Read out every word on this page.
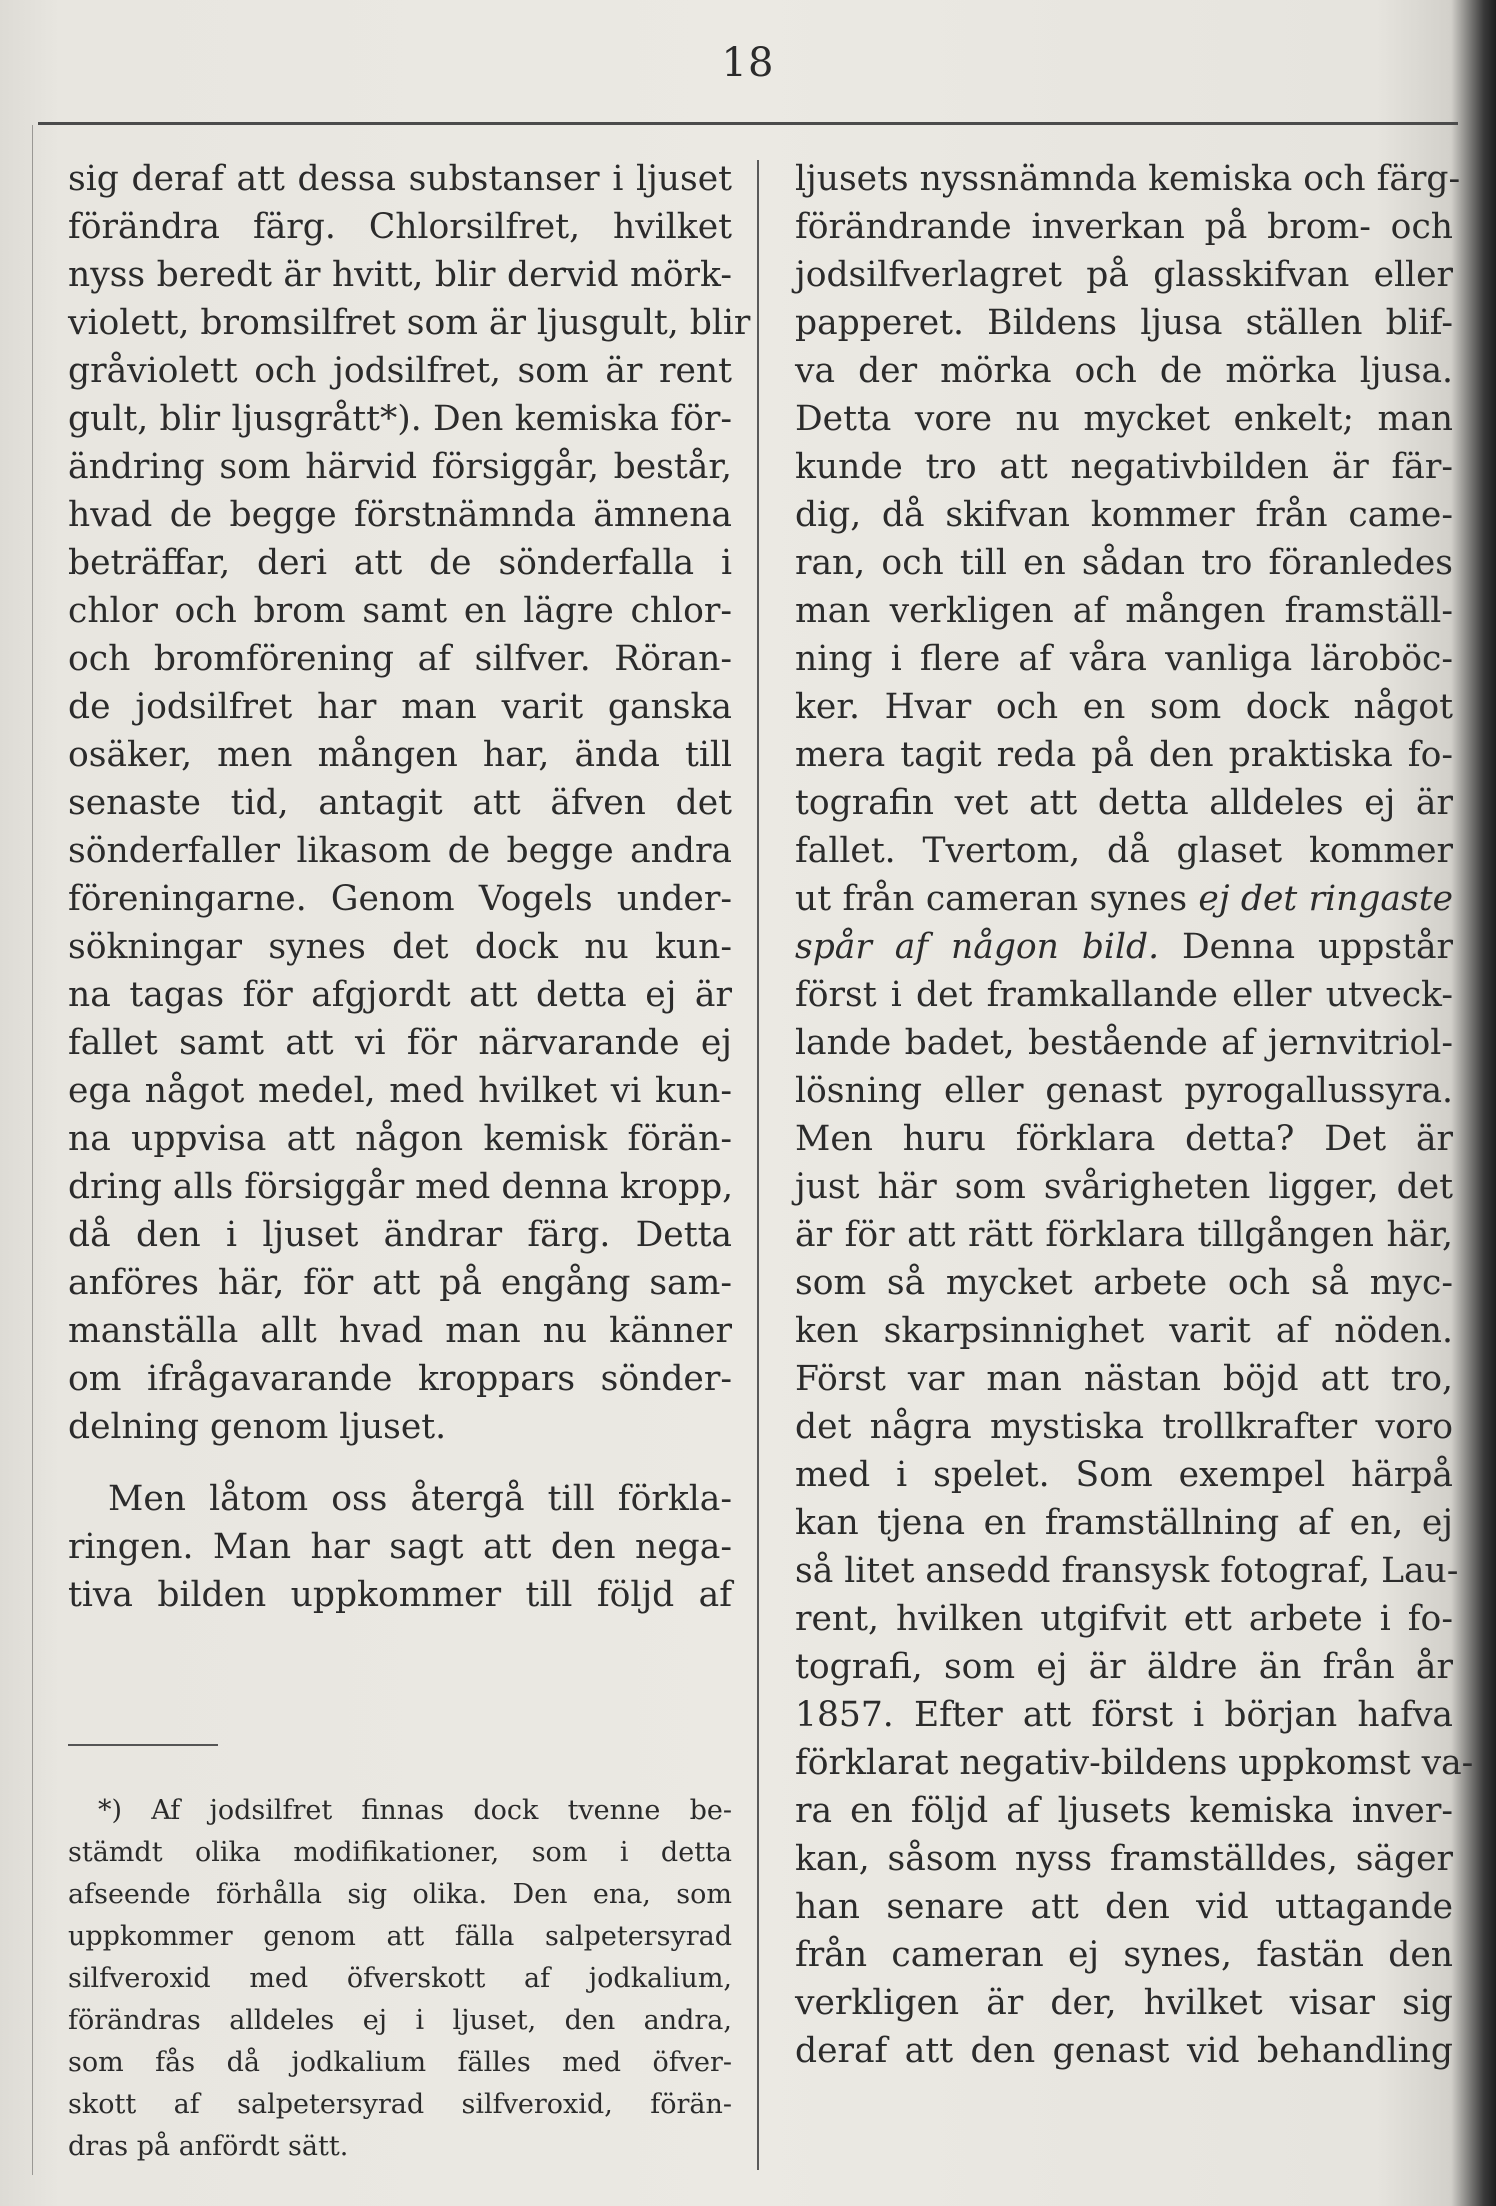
18
sig deraf att dessa substanser i ljuset
förändra färg. Chlorsilfret, hvilket
nyss beredt är hvitt, blir dervid mörk-
violett, bromsilfret som är ljusgult, blir
gråviolett och jodsilfret, som är rent
gult, blir ljusgrått*). Den kemiska för-
ändring som härvid försiggår, består,
hvad de begge förstnämnda ämnena
beträffar, deri att de sönderfalla i
chlor och brom samt en lägre chlor-
och bromförening af silfver. Röran-
de jodsilfret har man varit ganska
osäker, men mången har, ända till
senaste tid, antagit att äfven det
sönderfaller likasom de begge andra
föreningarne. Genom Vogels under-
sökningar synes det dock nu kun-
na tagas för afgjordt att detta ej är
fallet samt att vi för närvarande ej
ega något medel, med hvilket vi kun-
na uppvisa att någon kemisk förän-
dring alls försiggår med denna kropp,
då den i ljuset ändrar färg. Detta
anföres här, för att på engång sam-
manställa allt hvad man nu känner
om ifrågavarande kroppars sönder-
delning genom ljuset.
Men låtom oss återgå till förkla-
ringen. Man har sagt att den nega-
tiva bilden uppkommer till följd af
*) Af jodsilfret finnas dock tvenne be-
stämdt olika modifikationer, som i detta
afseende förhålla sig olika. Den ena, som
uppkommer genom att fälla salpetersyrad
silfveroxid med öfverskott af jodkalium,
förändras alldeles ej i ljuset, den andra,
som fås då jodkalium fälles med öfver-
skott af salpetersyrad silfveroxid, förän-
dras på anfördt sätt.
ljusets nyssnämnda kemiska och färg-
förändrande inverkan på brom- och
jodsilfverlagret på glasskifvan eller
papperet. Bildens ljusa ställen blif-
va der mörka och de mörka ljusa.
Detta vore nu mycket enkelt; man
kunde tro att negativbilden är fär-
dig, då skifvan kommer från came-
ran, och till en sådan tro föranledes
man verkligen af mången framställ-
ning i flere af våra vanliga läroböc-
ker. Hvar och en som dock något
mera tagit reda på den praktiska fo-
tografin vet att detta alldeles ej är
fallet. Tvertom, då glaset kommer
ut från cameran synes ej det ringaste
spår af någon bild. Denna uppstår
först i det framkallande eller utveck-
lande badet, bestående af jernvitriol-
lösning eller genast pyrogallussyra.
Men huru förklara detta? Det är
just här som svårigheten ligger, det
är för att rätt förklara tillgången här,
som så mycket arbete och så myc-
ken skarpsinnighet varit af nöden.
Först var man nästan böjd att tro,
det några mystiska trollkrafter voro
med i spelet. Som exempel härpå
kan tjena en framställning af en, ej
så litet ansedd fransysk fotograf, Lau-
rent, hvilken utgifvit ett arbete i fo-
tografi, som ej är äldre än från år
1857. Efter att först i början hafva
förklarat negativ-bildens uppkomst va-
ra en följd af ljusets kemiska inver-
kan, såsom nyss framställdes, säger
han senare att den vid uttagande
från cameran ej synes, fastän den
verkligen är der, hvilket visar sig
deraf att den genast vid behandling
